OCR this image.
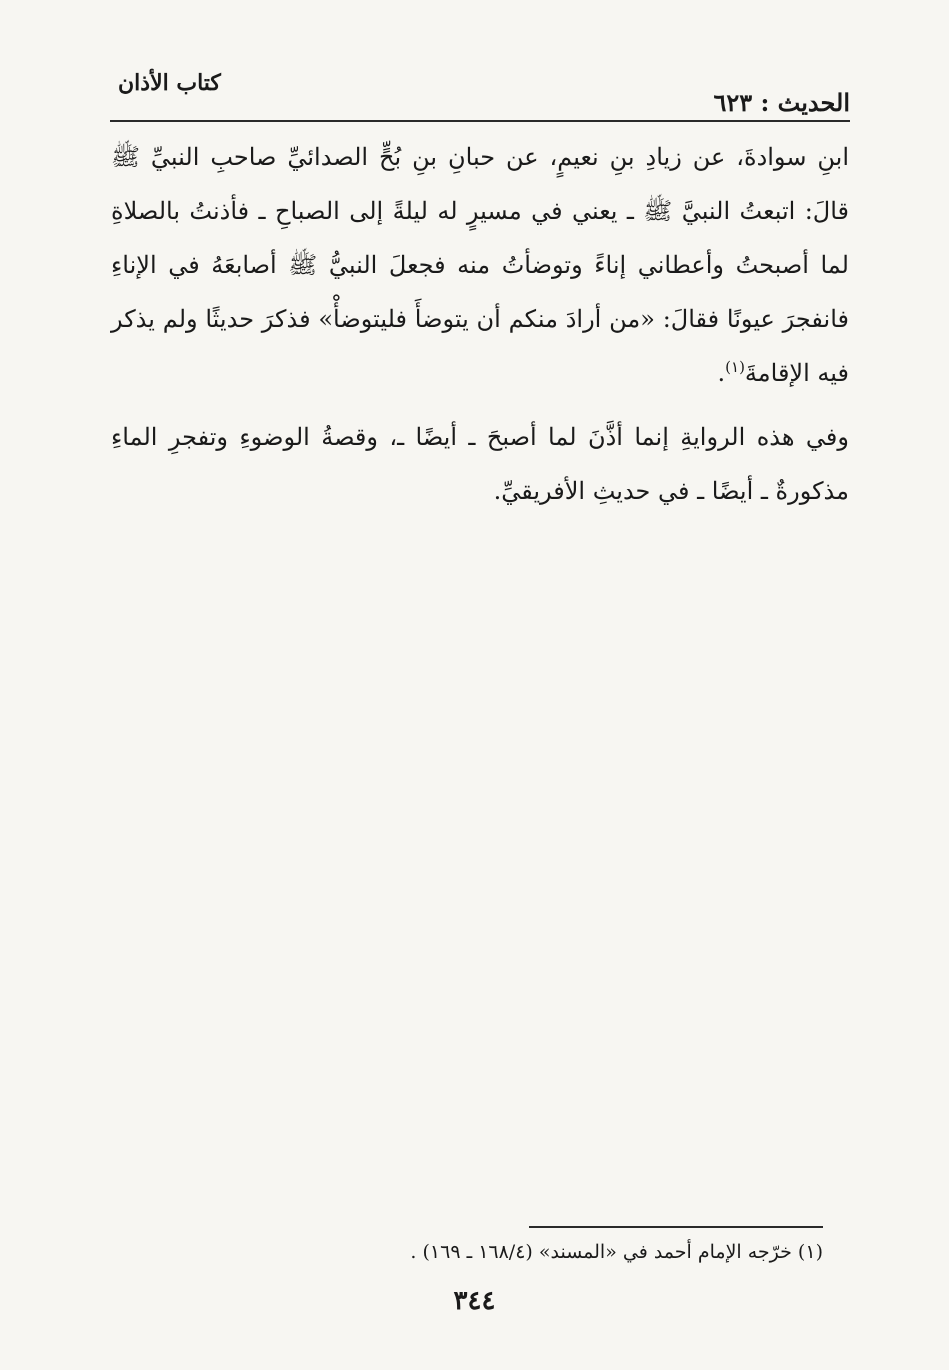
الحديث : ٦٢٣
كتاب الأذان

ابنِ سوادةَ، عن زيادِ بنِ نعيمٍ، عن حبانِ بنِ بُحٍّ الصدائيِّ صاحبِ النبيِّ ﷺ قالَ: اتبعتُ النبيَّ ﷺ ـ يعني في مسيرٍ له ليلةً إلى الصباحِ ـ فأذنتُ بالصلاةِ لما أصبحتُ وأعطاني إناءً وتوضأتُ منه فجعلَ النبيُّ ﷺ أصابعَهُ في الإناءِ فانفجرَ عيونًا فقالَ: «من أرادَ منكم أن يتوضأَ فليتوضأْ» فذكرَ حديثًا ولم يذكر فيه الإقامةَ$^{(١)}$.

وفي هذه الروايةِ إنما أذَّنَ لما أصبحَ ـ أيضًا ـ، وقصةُ الوضوءِ وتفجرِ الماءِ مذكورةٌ ـ أيضًا ـ في حديثِ الأفريقيِّ.

(١) خرّجه الإمام أحمد في «المسند» (١٦٨/٤ ـ ١٦٩) .
٣٤٤
